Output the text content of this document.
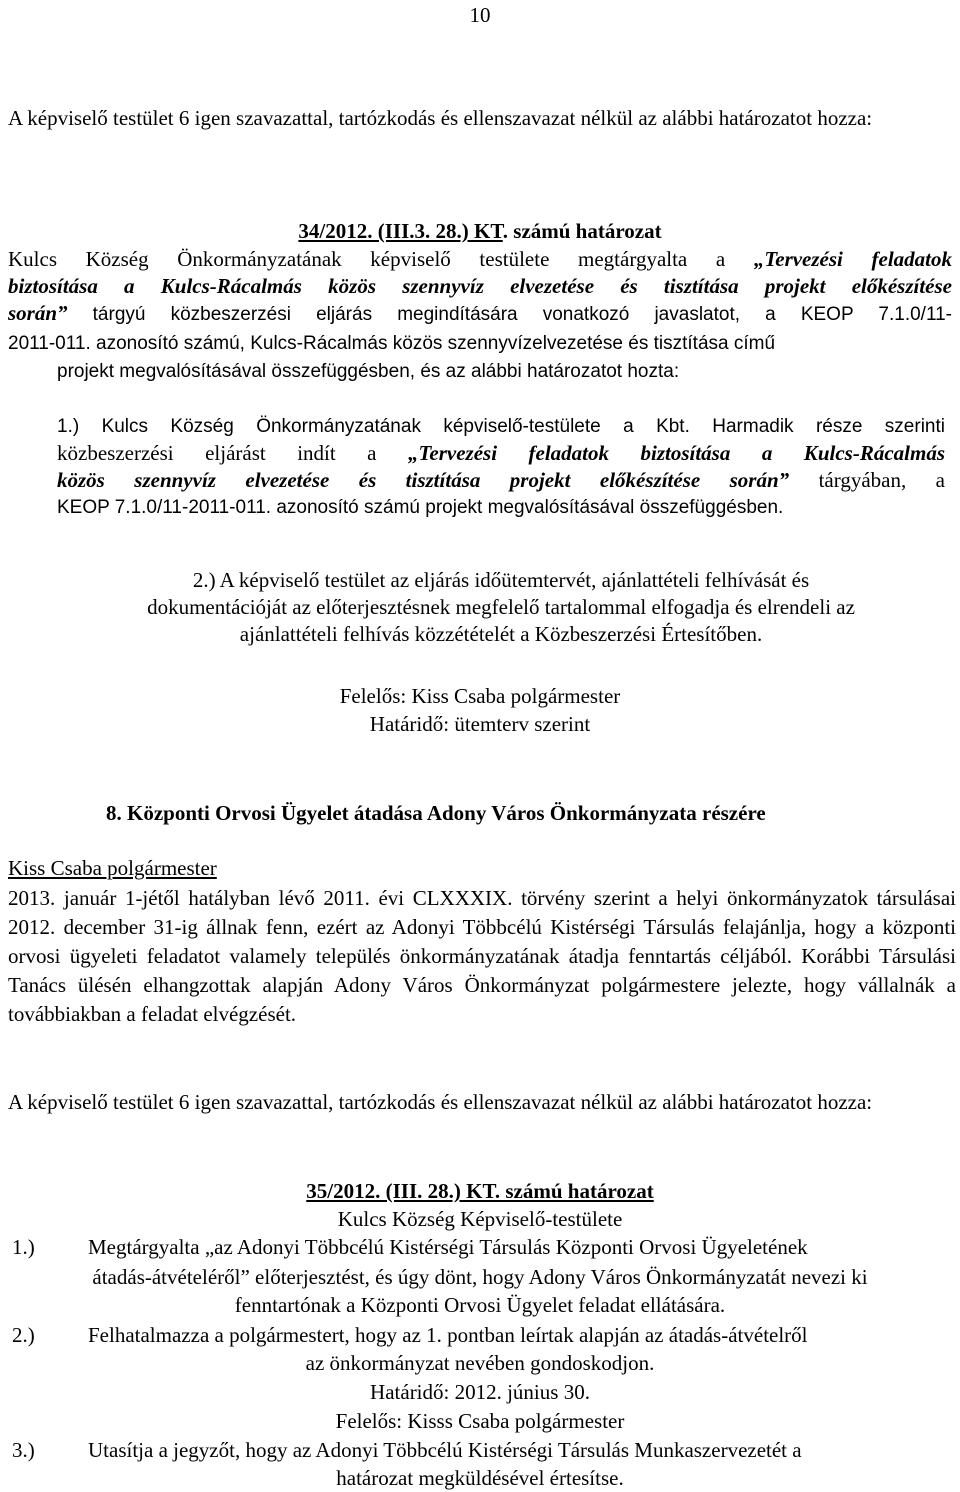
10

A képviselő testület 6 igen szavazattal, tartózkodás és ellenszavazat nélkül az alábbi határozatot hozza:

34/2012. (III.3. 28.) KT. számú határozat
Kulcs Község Önkormányzatának képviselő testülete megtárgyalta a „Tervezési feladatok
biztosítása a Kulcs-Rácalmás közös szennyvíz elvezetése és tisztítása projekt előkészítése
során” tárgyú közbeszerzési eljárás megindítására vonatkozó javaslatot, a KEOP 7.1.0/11-
2011-011. azonosító számú, Kulcs-Rácalmás közös szennyvízelvezetése és tisztítása című
projekt megvalósításával összefüggésben, és az alábbi határozatot hozta:
1.) Kulcs Község Önkormányzatának képviselő-testülete a Kbt. Harmadik része szerinti
közbeszerzési eljárást indít a „Tervezési feladatok biztosítása a Kulcs-Rácalmás
közös szennyvíz elvezetése és tisztítása projekt előkészítése során” tárgyában, a
KEOP 7.1.0/11-2011-011. azonosító számú projekt megvalósításával összefüggésben.
2.) A képviselő testület az eljárás időütemtervét, ajánlattételi felhívását és
dokumentációját az előterjesztésnek megfelelő tartalommal elfogadja és elrendeli az
ajánlattételi felhívás közzétételét a Közbeszerzési Értesítőben.
Felelős: Kiss Csaba polgármester
Határidő: ütemterv szerint
8. Központi Orvosi Ügyelet átadása Adony Város Önkormányzata részére
Kiss Csaba polgármester

2013. január 1-jétől hatályban lévő 2011. évi CLXXXIX. törvény szerint a helyi önkormányzatok társulásai 2012. december 31-ig állnak fenn, ezért az Adonyi Többcélú Kistérségi Társulás felajánlja, hogy a központi orvosi ügyeleti feladatot valamely település önkormányzatának átadja fenntartás céljából. Korábbi Társulási Tanács ülésén elhangzottak alapján Adony Város Önkormányzat polgármestere jelezte, hogy vállalnák a továbbiakban a feladat elvégzését.

A képviselő testület 6 igen szavazattal, tartózkodás és ellenszavazat nélkül az alábbi határozatot hozza:

35/2012. (III. 28.) KT. számú határozat
Kulcs Község Képviselő-testülete
1.)	Megtárgyalta „az Adonyi Többcélú Kistérségi Társulás Központi Orvosi Ügyeletének
átadás-átvételéről” előterjesztést, és úgy dönt, hogy Adony Város Önkormányzatát nevezi ki
fenntartónak a Központi Orvosi Ügyelet feladat ellátására.
2.)	Felhatalmazza a polgármestert, hogy az 1. pontban leírtak alapján az átadás-átvételről
az önkormányzat nevében gondoskodjon.
Határidő: 2012. június 30.
Felelős: Kisss Csaba polgármester
3.)	Utasítja a jegyzőt, hogy az Adonyi Többcélú Kistérségi Társulás Munkaszervezetét a
határozat megküldésével értesítse.
